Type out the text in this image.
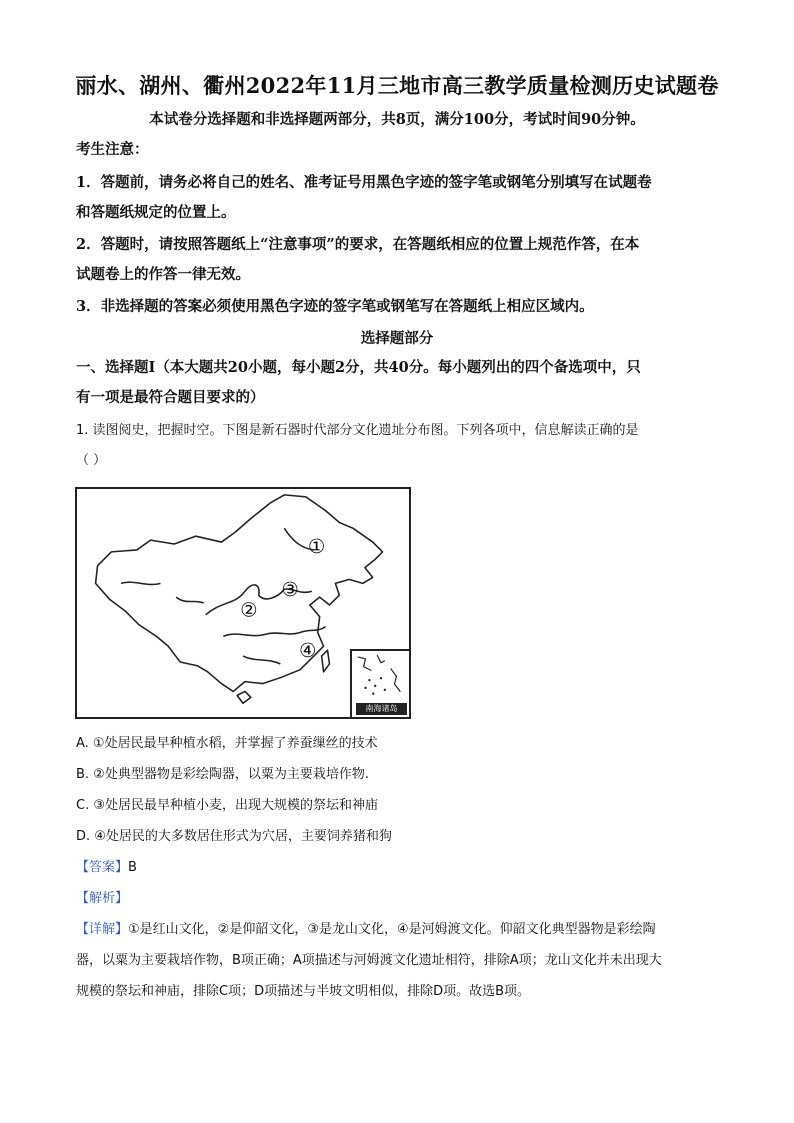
丽水、湖州、衢州2022年11月三地市高三教学质量检测历史试题卷
本试卷分选择题和非选择题两部分，共8页，满分100分，考试时间90分钟。
考生注意：
1．答题前，请务必将自己的姓名、准考证号用黑色字迹的签字笔或钢笔分别填写在试题卷
和答题纸规定的位置上。
2．答题时，请按照答题纸上“注意事项”的要求，在答题纸相应的位置上规范作答，在本
试题卷上的作答一律无效。
3．非选择题的答案必须使用黑色字迹的签字笔或钢笔写在答题纸上相应区域内。
选择题部分
一、选择题Ⅰ（本大题共20小题，每小题2分，共40分。每小题列出的四个备选项中，只
有一项是最符合题目要求的）
1. 读图阅史，把握时空。下图是新石器时代部分文化遗址分布图。下列各项中，信息解读正确的是
（ ）
①
②
③
④
南海诸岛
A. ①处居民最早种植水稻，并掌握了养蚕缫丝的技术
B. ②处典型器物是彩绘陶器，以粟为主要栽培作物.
C. ③处居民最早种植小麦，出现大规模的祭坛和神庙
D. ④处居民的大多数居住形式为穴居，主要饲养猪和狗
【答案】B
【解析】
【详解】①是红山文化，②是仰韶文化，③是龙山文化，④是河姆渡文化。仰韶文化典型器物是彩绘陶
器，以粟为主要栽培作物，B项正确；A项描述与河姆渡文化遗址相符，排除A项；龙山文化并未出现大
规模的祭坛和神庙，排除C项；D项描述与半坡文明相似，排除D项。故选B项。
